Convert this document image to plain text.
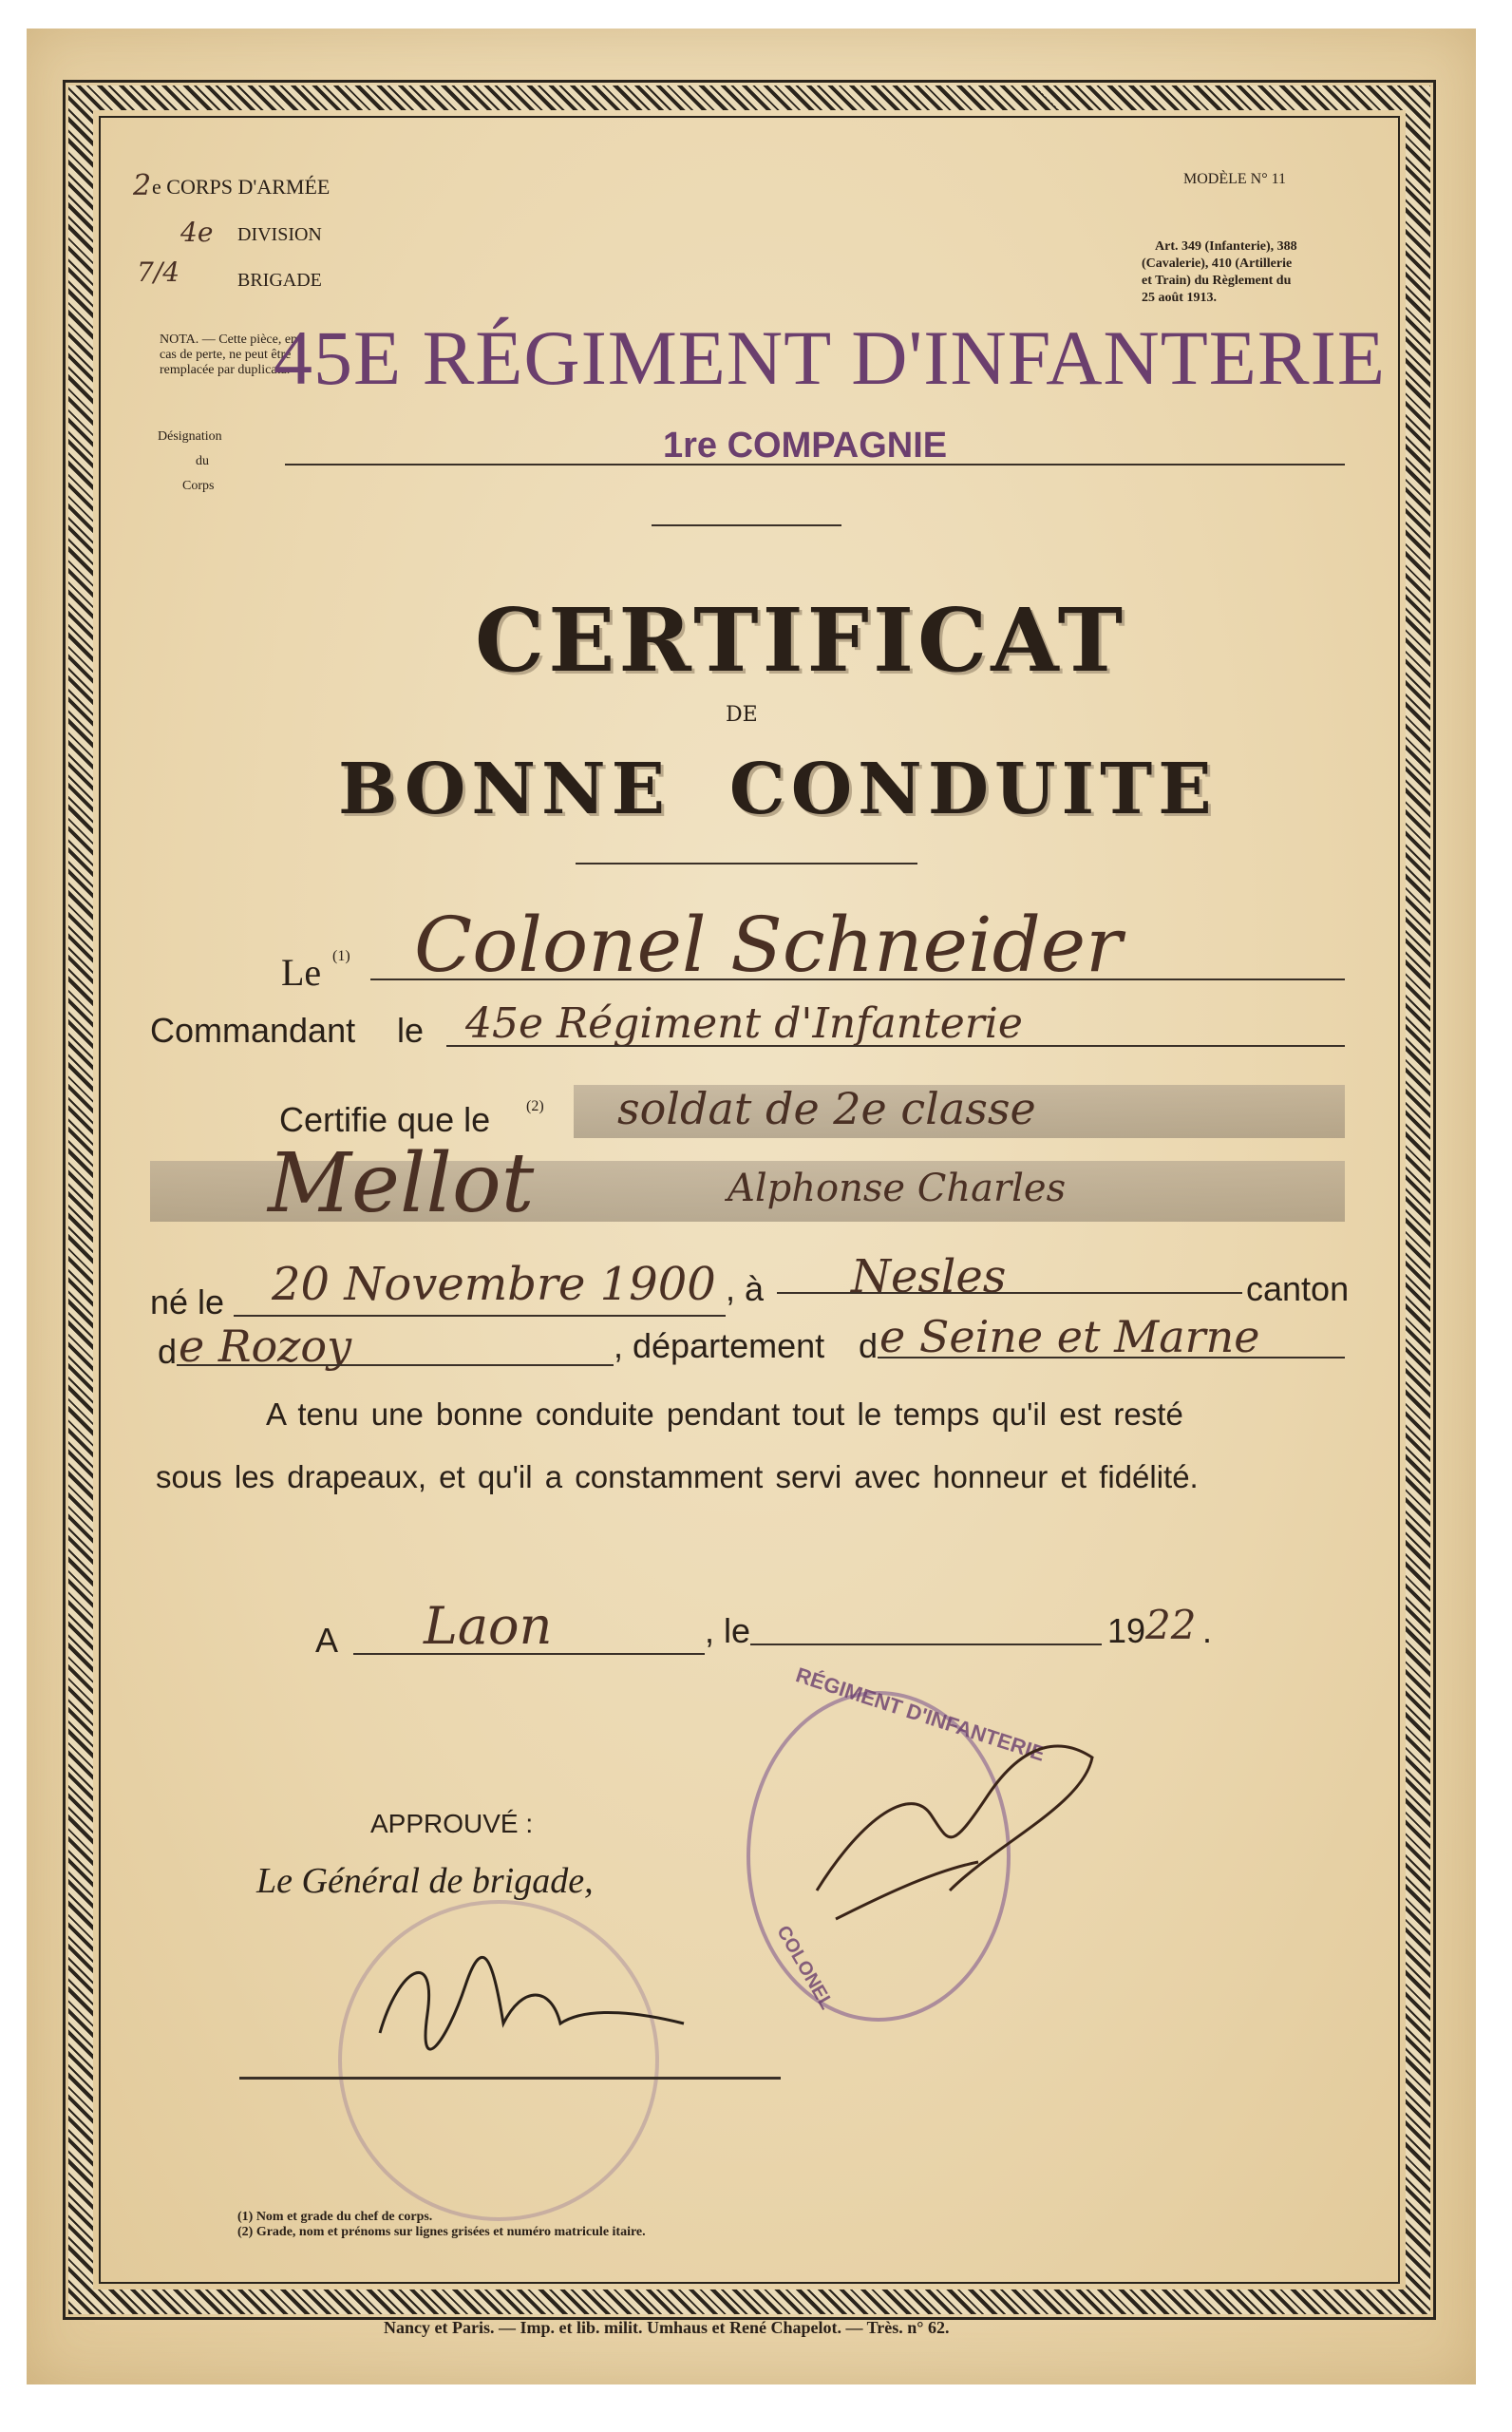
2 e CORPS D'ARMÉE
4e DIVISION
7/4	BRIGADE
NOTA. — Cette pièce, en
cas de perte, ne peut être
remplacée par duplicata.
Désignation
du
Corps
MODÈLE N° 11
Art. 349 (Infanterie), 388
(Cavalerie), 410 (Artillerie
et Train) du Règlement du
25 août 1913.
45E RÉGIMENT D'INFANTERIE
1re COMPAGNIE
CERTIFICAT
DE
BONNE CONDUITE
Le (1) Colonel Schneider
Commandant le 45e Régiment d'Infanterie
Certifie que le (2) soldat de 2e classe
Mellot	Alphonse Charles
né le 20 Novembre 1900 , à Nesles	canton
d e Rozoy	, département d e Seine et Marne
A tenu une bonne conduite pendant tout le temps qu'il est resté
sous les drapeaux, et qu'il a constamment servi avec honneur et fidélité.
A Laon	, le	19 22 .
RÉGIMENT D'INFANTERIE
COLONEL
APPROUVÉ :
Le Général de brigade,
(1) Nom et grade du chef de corps.
(2) Grade, nom et prénoms sur lignes grisées et numéro matricule itaire.
Nancy et Paris. — Imp. et lib. milit. Umhaus et René Chapelot. — Très. n° 62.
